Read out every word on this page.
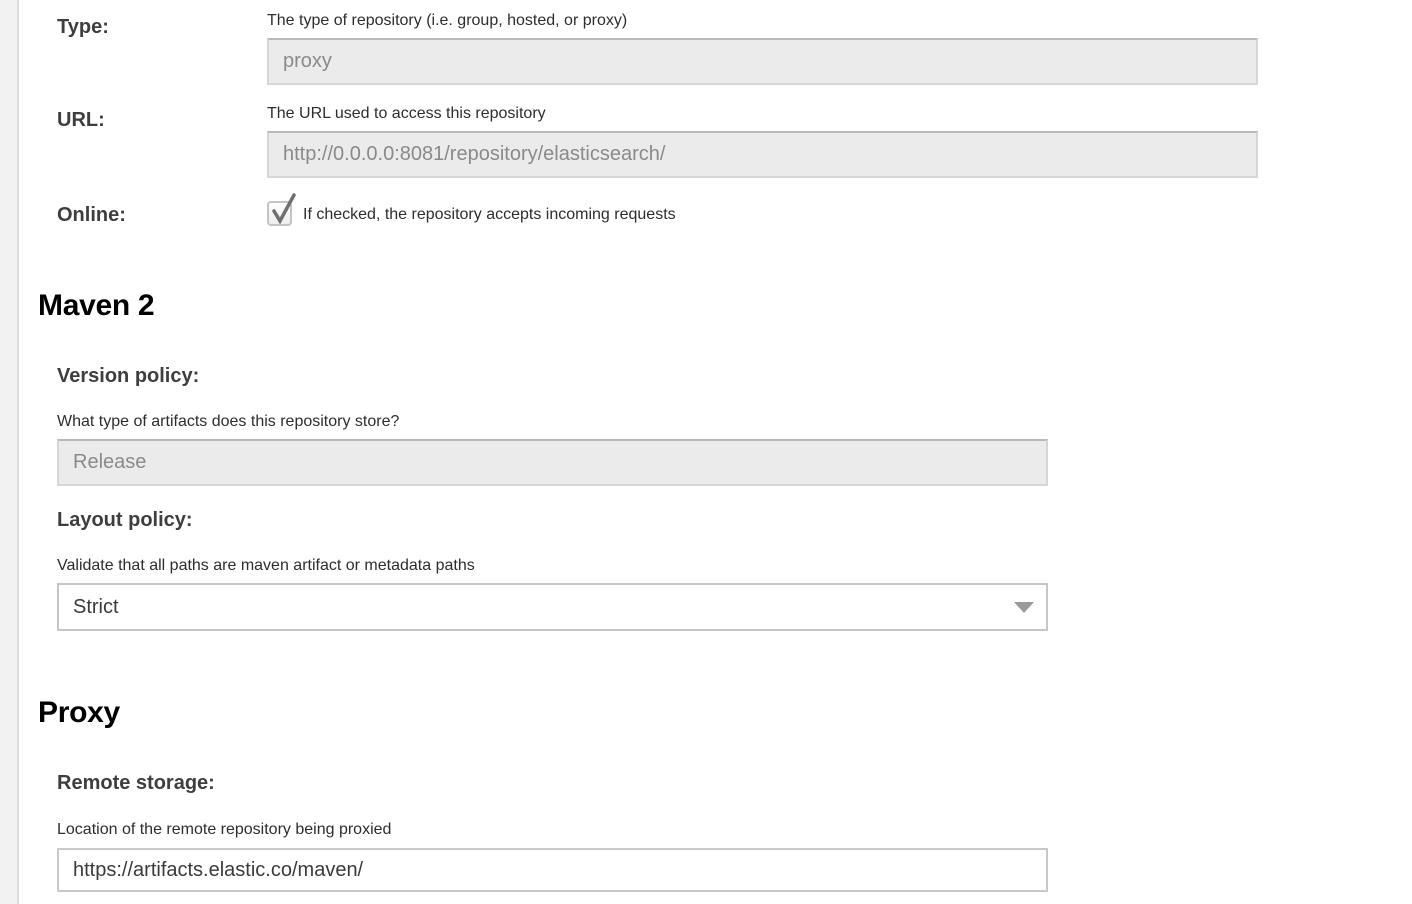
Type:	The type of repository (i.e. group, hosted, or proxy)

proxy
URL:	The URL used to access this repository

http://0.0.0.0:8081/repository/elasticsearch/
Online:	If checked, the repository accepts incoming requests
Maven 2
Version policy:

What type of artifacts does this repository store?

Release
Layout policy:

Validate that all paths are maven artifact or metadata paths

Strict
Proxy
Remote storage:

Location of the remote repository being proxied

https://artifacts.elastic.co/maven/
